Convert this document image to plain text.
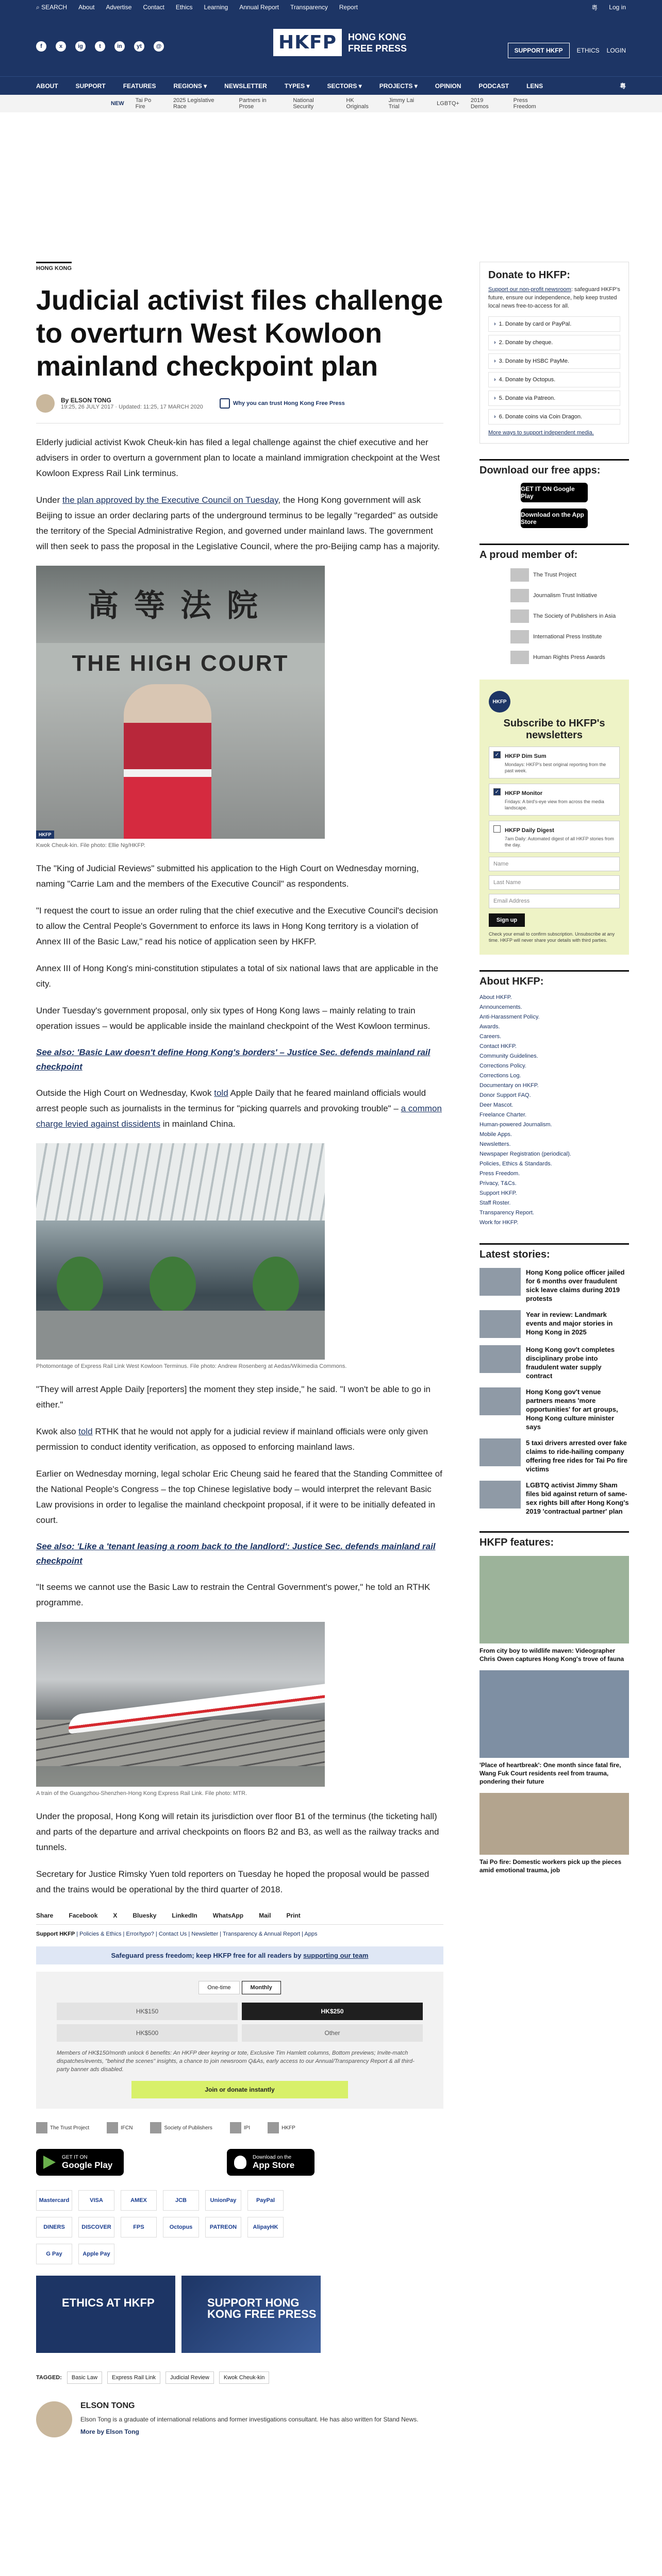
⌕ SEARCH About Advertise Contact Ethics Learning Annual Report Transparency Report	粵 Log in
f	x	ig	t	in	yt	@	HKFP	HONG KONG
FREE PRESS	SUPPORT HKFP	ETHICS LOGIN
ABOUT	SUPPORT	FEATURES	REGIONS ▾	NEWSLETTER	TYPES ▾	SECTORS ▾	PROJECTS ▾	OPINION	PODCAST	LENS	粵
NEW Tai Po Fire
2025 Legislative Race
Partners in Prose
National Security
HK Originals
Jimmy Lai Trial	LGBTQ+ 2019 Demos
Press Freedom
HONG KONG
Judicial activist files challenge to overturn West Kowloon mainland checkpoint plan
By ELSON TONG
19:25, 26 JULY 2017 · Updated: 11:25, 17 MARCH 2020
Why you can trust Hong Kong Free Press

Elderly judicial activist Kwok Cheuk-kin has filed a legal challenge against the chief executive and her advisers in order to overturn a government plan to locate a mainland immigration checkpoint at the West Kowloon Express Rail Link terminus.

Under the plan approved by the Executive Council on Tuesday, the Hong Kong government will ask Beijing to issue an order declaring parts of the underground terminus to be legally "regarded" as outside the territory of the Special Administrative Region, and governed under mainland laws. The government will then seek to pass the proposal in the Legislative Council, where the pro-Beijing camp has a majority.

高等法院
THE HIGH COURT
HKFP
Kwok Cheuk-kin. File photo: Ellie Ng/HKFP.

The "King of Judicial Reviews" submitted his application to the High Court on Wednesday morning, naming "Carrie Lam and the members of the Executive Council" as respondents.

"I request the court to issue an order ruling that the chief executive and the Executive Council's decision to allow the Central People's Government to enforce its laws in Hong Kong territory is a violation of Annex III of the Basic Law," read his notice of application seen by HKFP.

Annex III of Hong Kong's mini-constitution stipulates a total of six national laws that are applicable in the city.

Under Tuesday's government proposal, only six types of Hong Kong laws – mainly relating to train operation issues – would be applicable inside the mainland checkpoint of the West Kowloon terminus.

See also: 'Basic Law doesn't define Hong Kong's borders' – Justice Sec. defends mainland rail checkpoint

Outside the High Court on Wednesday, Kwok told Apple Daily that he feared mainland officials would arrest people such as journalists in the terminus for "picking quarrels and provoking trouble" – a common charge levied against dissidents in mainland China.

Photomontage of Express Rail Link West Kowloon Terminus. File photo: Andrew Rosenberg at Aedas/Wikimedia Commons.

"They will arrest Apple Daily [reporters] the moment they step inside," he said. "I won't be able to go in either."

Kwok also told RTHK that he would not apply for a judicial review if mainland officials were only given permission to conduct identity verification, as opposed to enforcing mainland laws.

Earlier on Wednesday morning, legal scholar Eric Cheung said he feared that the Standing Committee of the National People's Congress – the top Chinese legislative body – would interpret the relevant Basic Law provisions in order to legalise the mainland checkpoint proposal, if it were to be initially defeated in court.

See also: 'Like a 'tenant leasing a room back to the landlord': Justice Sec. defends mainland rail checkpoint

"It seems we cannot use the Basic Law to restrain the Central Government's power," he told an RTHK programme.

A train of the Guangzhou-Shenzhen-Hong Kong Express Rail Link. File photo: MTR.

Under the proposal, Hong Kong will retain its jurisdiction over floor B1 of the terminus (the ticketing hall) and parts of the departure and arrival checkpoints on floors B2 and B3, as well as the railway tracks and tunnels.

Secretary for Justice Rimsky Yuen told reporters on Tuesday he hoped the proposal would be passed and the trains would be operational by the third quarter of 2018.

Share	Facebook	X	Bluesky	LinkedIn	WhatsApp	Mail	Print
Support HKFP | Policies & Ethics | Error/typo? | Contact Us | Newsletter | Transparency & Annual Report | Apps
Safeguard press freedom; keep HKFP free for all readers by supporting our team
One-time	Monthly
HK$150	HK$250
HK$500	Other
Members of HK$150/month unlock 6 benefits: An HKFP deer keyring or tote, Exclusive Tim Hamlett columns, Bottom previews; Invite-match dispatches/events, "behind the scenes" insights, a chance to join newsroom Q&As, early access to our Annual/Transparency Report & all third-party banner ads disabled.
Join or donate instantly
The Trust Project	IFCN	Society of Publishers	IPI	HKFP
GET IT ON
Google Play
Download on the
App Store
Mastercard	VISA	AMEX	JCB	UnionPay	PayPal
DINERS	DISCOVER	FPS	Octopus	PATREON	AlipayHK
G Pay	Apple Pay
ETHICS AT HKFP	SUPPORT HONG KONG FREE PRESS
TAGGED:	Basic Law	Express Rail Link	Judicial Review	Kwok Cheuk-kin
ELSON TONG

Elson Tong is a graduate of international relations and former investigations consultant. He has also written for Stand News.

More by Elson Tong
Donate to HKFP:
Support our non-profit newsroom: safeguard HKFP's future, ensure our independence, help keep trusted local news free-to-access for all.
› 1. Donate by card or PayPal.
› 2. Donate by cheque.
› 3. Donate by HSBC PayMe.
› 4. Donate by Octopus.
› 5. Donate via Patreon.
› 6. Donate coins via Coin Dragon.
More ways to support independent media.
Download our free apps:
GET IT ON Google Play
Download on the App Store
A proud member of:
The Trust Project
Journalism Trust Initiative
The Society of Publishers in Asia
International Press Institute
Human Rights Press Awards
HKFP
Subscribe to HKFP's newsletters
✓ HKFP Dim Sum

Mondays: HKFP's best original reporting from the past week.

✓ HKFP Monitor

Fridays: A bird's-eye view from across the media landscape.

HKFP Daily Digest

7am Daily: Automated digest of all HKFP stories from the day.

Name
Last Name
Email Address
Sign up
Check your email to confirm subscription. Unsubscribe at any time. HKFP will never share your details with third parties.
About HKFP:
About HKFP.
Announcements.
Anti-Harassment Policy.
Awards.
Careers.
Contact HKFP.
Community Guidelines.
Corrections Policy.
Corrections Log.
Documentary on HKFP.
Donor Support FAQ.
Deer Mascot.
Freelance Charter.
Human-powered Journalism.
Mobile Apps.
Newsletters.
Newspaper Registration (periodical).
Policies, Ethics & Standards.
Press Freedom.
Privacy, T&Cs.
Support HKFP.
Staff Roster.
Transparency Report.
Work for HKFP.
Latest stories:
Hong Kong police officer jailed for 6 months over fraudulent sick leave claims during 2019 protests
Year in review: Landmark events and major stories in Hong Kong in 2025
Hong Kong gov't completes disciplinary probe into fraudulent water supply contract
Hong Kong gov't venue partners means 'more opportunities' for art groups, Hong Kong culture minister says
5 taxi drivers arrested over fake claims to ride-hailing company offering free rides for Tai Po fire victims
LGBTQ activist Jimmy Sham files bid against return of same-sex rights bill after Hong Kong's 2019 'contractual partner' plan
HKFP features:
From city boy to wildlife maven: Videographer Chris Owen captures Hong Kong's trove of fauna
'Place of heartbreak': One month since fatal fire, Wang Fuk Court residents reel from trauma, pondering their future
Tai Po fire: Domestic workers pick up the pieces amid emotional trauma, job
